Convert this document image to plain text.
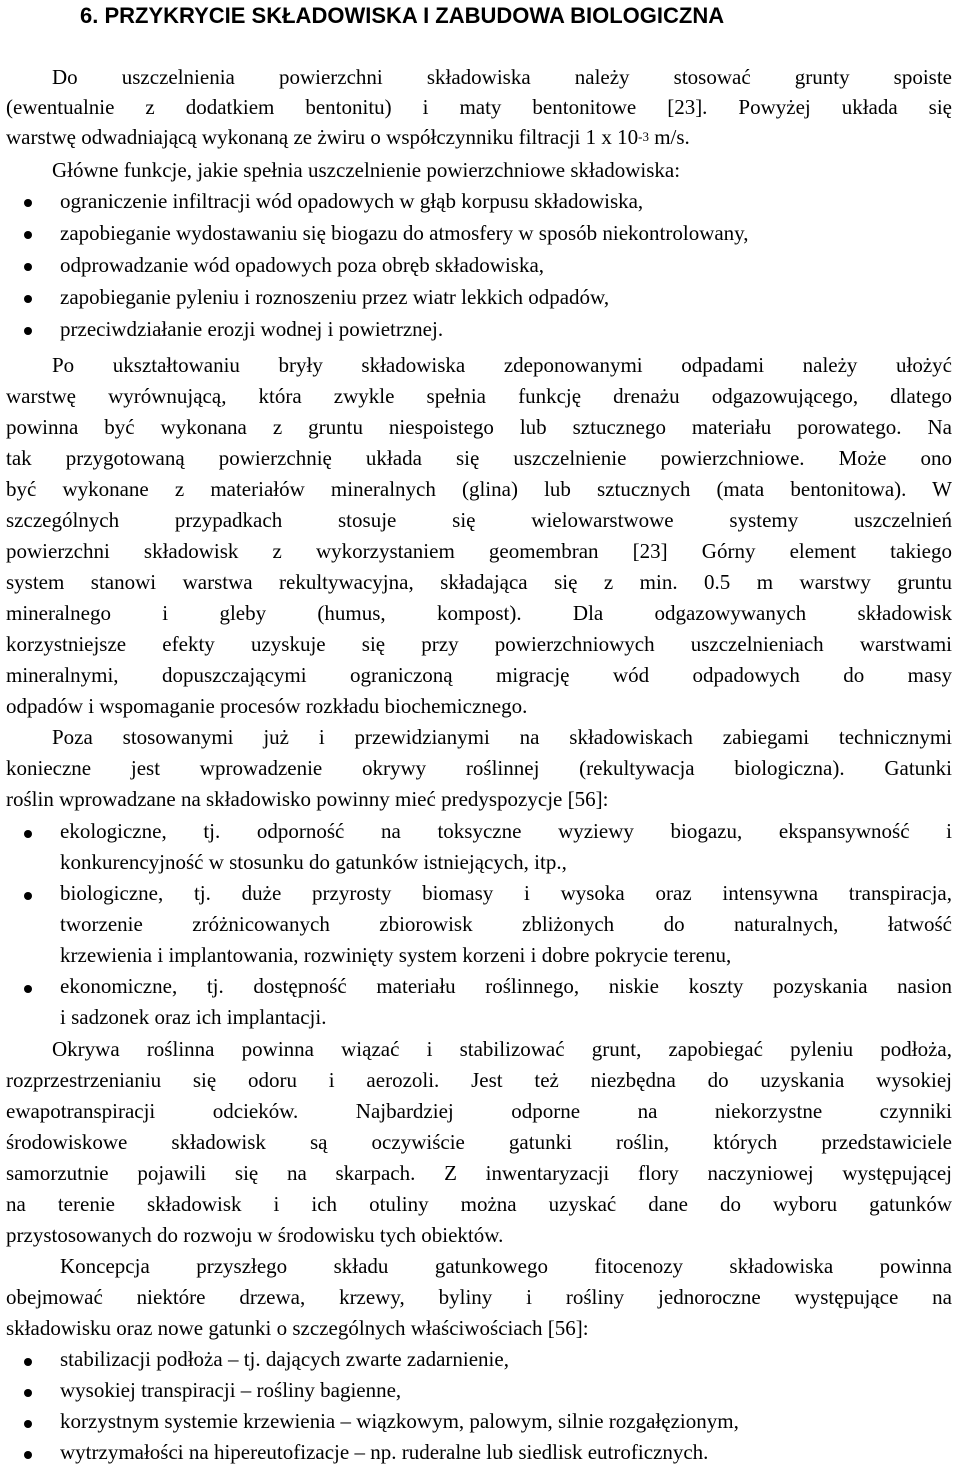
6. PRZYKRYCIE SKŁADOWISKA I ZABUDOWA BIOLOGICZNA

Do uszczelnienia powierzchni składowiska należy stosować grunty spoiste

(ewentualnie z dodatkiem bentonitu) i maty bentonitowe [23]. Powyżej układa się

warstwę odwadniającą wykonaną ze żwiru o współczynniku filtracji 1 x $10^{-3}$ m/s.

Główne funkcje, jakie spełnia uszczelnienie powierzchniowe składowiska:

ograniczenie infiltracji wód opadowych w głąb korpusu składowiska,

zapobieganie wydostawaniu się biogazu do atmosfery w sposób niekontrolowany,

odprowadzanie wód opadowych poza obręb składowiska,

zapobieganie pyleniu i roznoszeniu przez wiatr lekkich odpadów,

przeciwdziałanie erozji wodnej i powietrznej.

Po ukształtowaniu bryły składowiska zdeponowanymi odpadami należy ułożyć

warstwę wyrównującą, która zwykle spełnia funkcję drenażu odgazowującego, dlatego

powinna być wykonana z gruntu niespoistego lub sztucznego materiału porowatego. Na

tak przygotowaną powierzchnię układa się uszczelnienie powierzchniowe. Może ono

być wykonane z materiałów mineralnych (glina) lub sztucznych (mata bentonitowa). W

szczególnych przypadkach stosuje się wielowarstwowe systemy uszczelnień

powierzchni składowisk z wykorzystaniem geomembran [23] Górny element takiego

system stanowi warstwa rekultywacyjna, składająca się z min. 0.5 m warstwy gruntu

mineralnego i gleby (humus, kompost). Dla odgazowywanych składowisk

korzystniejsze efekty uzyskuje się przy powierzchniowych uszczelnieniach warstwami

mineralnymi, dopuszczającymi ograniczoną migrację wód odpadowych do masy

odpadów i wspomaganie procesów rozkładu biochemicznego.

Poza stosowanymi już i przewidzianymi na składowiskach zabiegami technicznymi

konieczne jest wprowadzenie okrywy roślinnej (rekultywacja biologiczna). Gatunki

roślin wprowadzane na składowisko powinny mieć predyspozycje [56]:

ekologiczne, tj. odporność na toksyczne wyziewy biogazu, ekspansywność i

konkurencyjność w stosunku do gatunków istniejących, itp.,

biologiczne, tj. duże przyrosty biomasy i wysoka oraz intensywna transpiracja,

tworzenie zróżnicowanych zbiorowisk zbliżonych do naturalnych, łatwość

krzewienia i implantowania, rozwinięty system korzeni i dobre pokrycie terenu,

ekonomiczne, tj. dostępność materiału roślinnego, niskie koszty pozyskania nasion

i sadzonek oraz ich implantacji.

Okrywa roślinna powinna wiązać i stabilizować grunt, zapobiegać pyleniu podłoża,

rozprzestrzenianiu się odoru i aerozoli. Jest też niezbędna do uzyskania wysokiej

ewapotranspiracji odcieków. Najbardziej odporne na niekorzystne czynniki

środowiskowe składowisk są oczywiście gatunki roślin, których przedstawiciele

samorzutnie pojawili się na skarpach. Z inwentaryzacji flory naczyniowej występującej

na terenie składowisk i ich otuliny można uzyskać dane do wyboru gatunków

przystosowanych do rozwoju w środowisku tych obiektów.

Koncepcja przyszłego składu gatunkowego fitocenozy składowiska powinna

obejmować niektóre drzewa, krzewy, byliny i rośliny jednoroczne występujące na

składowisku oraz nowe gatunki o szczególnych właściwościach [56]:

stabilizacji podłoża – tj. dających zwarte zadarnienie,

wysokiej transpiracji – rośliny bagienne,

korzystnym systemie krzewienia – wiązkowym, palowym, silnie rozgałęzionym,

wytrzymałości na hipereutofizacje – np. ruderalne lub siedlisk eutroficznych.
